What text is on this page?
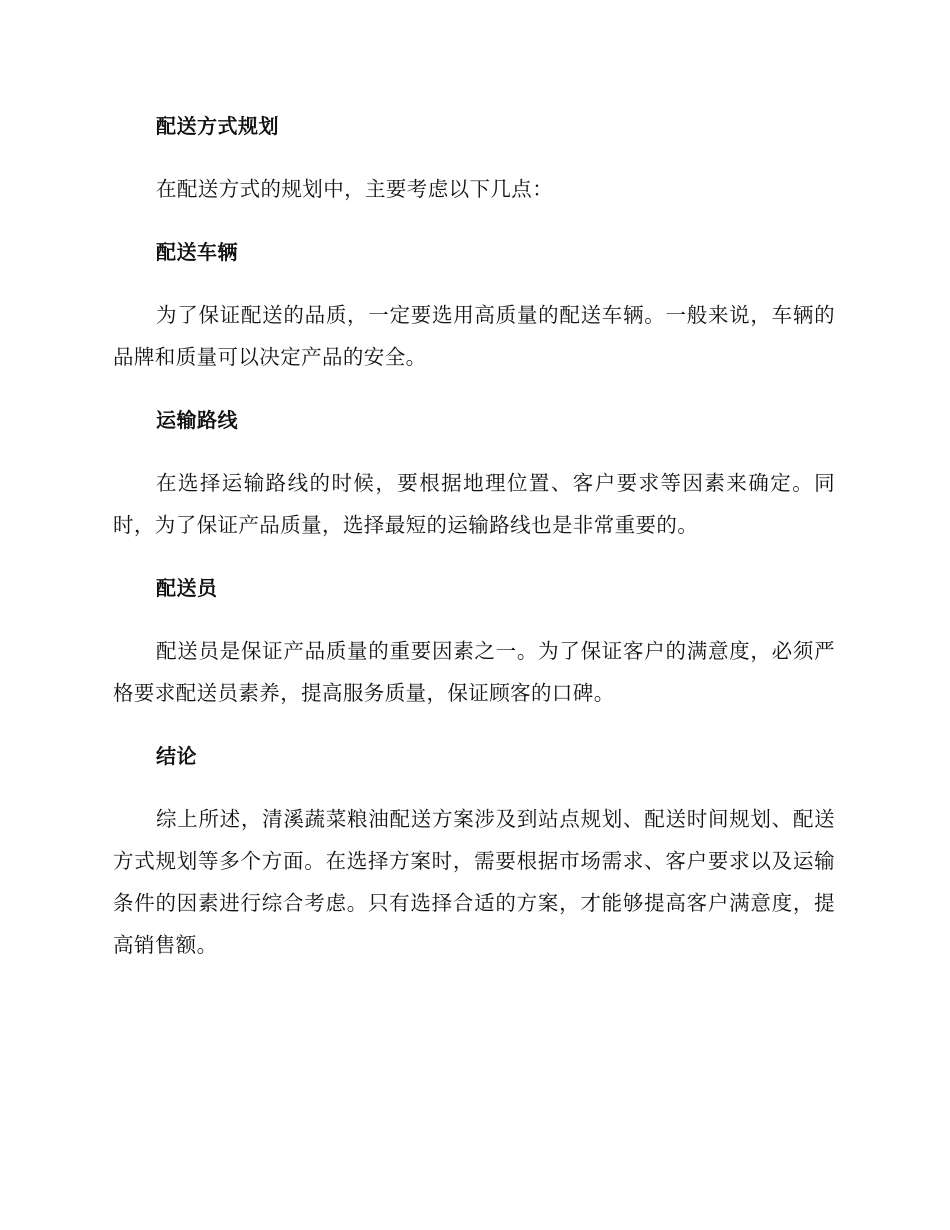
配送方式规划

在配送方式的规划中，主要考虑以下几点：

配送车辆

为了保证配送的品质，一定要选用高质量的配送车辆。一般来说，车辆的品牌和质量可以决定产品的安全。

运输路线

在选择运输路线的时候，要根据地理位置、客户要求等因素来确定。同时，为了保证产品质量，选择最短的运输路线也是非常重要的。

配送员

配送员是保证产品质量的重要因素之一。为了保证客户的满意度，必须严格要求配送员素养，提高服务质量，保证顾客的口碑。

结论

综上所述，清溪蔬菜粮油配送方案涉及到站点规划、配送时间规划、配送方式规划等多个方面。在选择方案时，需要根据市场需求、客户要求以及运输条件的因素进行综合考虑。只有选择合适的方案，才能够提高客户满意度，提高销售额。
